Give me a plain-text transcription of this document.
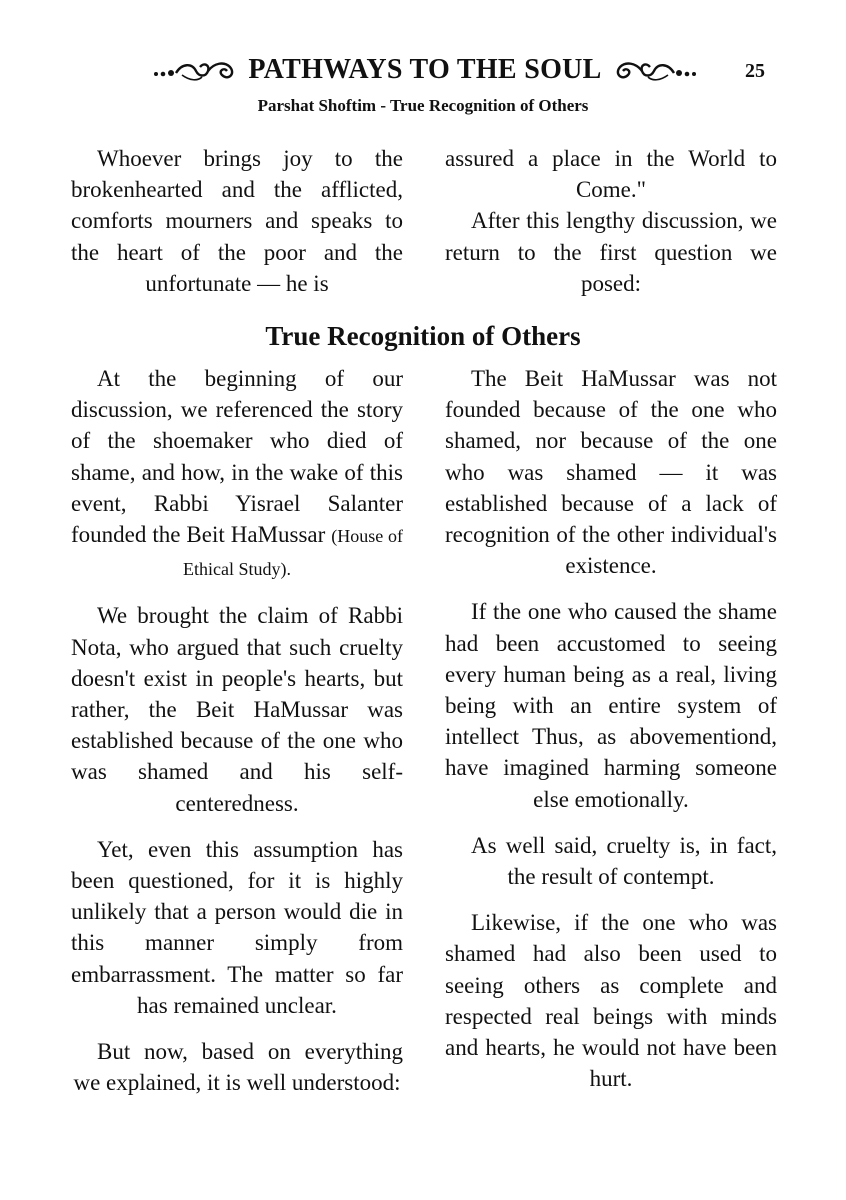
PATHWAYS TO THE SOUL	25
Parshat Shoftim - True Recognition of Others

Whoever brings joy to the brokenhearted and the afflicted, comforts mourners and speaks to the heart of the poor and the unfortunate — he is

assured a place in the World to Come."

After this lengthy discussion, we return to the first question we posed:

True Recognition of Others

At the beginning of our discussion, we referenced the story of the shoemaker who died of shame, and how, in the wake of this event, Rabbi Yisrael Salanter founded the Beit HaMussar (House of Ethical Study).

We brought the claim of Rabbi Nota, who argued that such cruelty doesn't exist in people's hearts, but rather, the Beit HaMussar was established because of the one who was shamed and his self-centeredness.

Yet, even this assumption has been questioned, for it is highly unlikely that a person would die in this manner simply from embarrassment. The matter so far has remained unclear.

But now, based on everything we explained, it is well understood:

The Beit HaMussar was not founded because of the one who shamed, nor because of the one who was shamed — it was established because of a lack of recognition of the other individual's existence.

If the one who caused the shame had been accustomed to seeing every human being as a real, living being with an entire system of intellect Thus, as abovementiond, have imagined harming someone else emotionally.

As well said, cruelty is, in fact, the result of contempt.

Likewise, if the one who was shamed had also been used to seeing others as complete and respected real beings with minds and hearts, he would not have been hurt.
